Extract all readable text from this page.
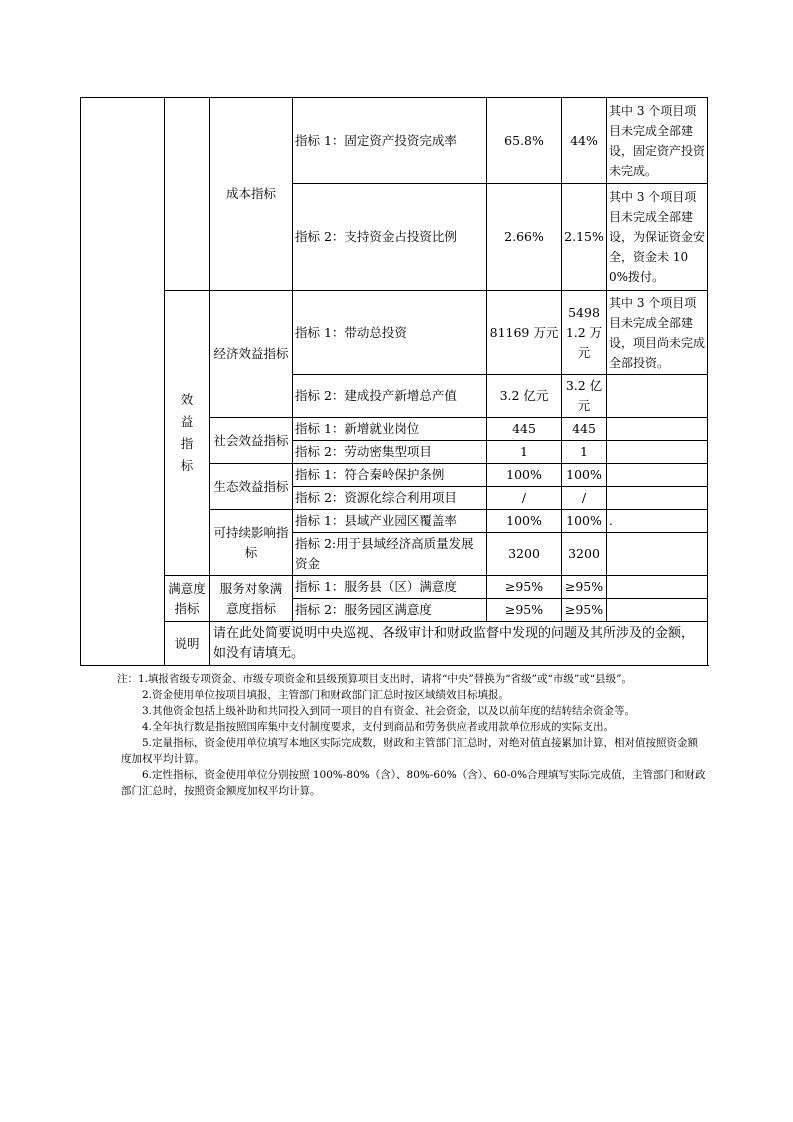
		成本指标	指标 1：固定资产投资完成率	65.8%	44%	其中 3 个项目项目未完成全部建设，固定资产投资未完成。
			指标 2：支持资金占投资比例	2.66%	2.15%	其中 3 个项目项目未完成全部建设，为保证资金安全，资金未 100%拨付。
	效益指标	经济效益指标	指标 1：带动总投资	81169 万元	54981.2 万元	其中 3 个项目项目未完成全部建设，项目尚未完成全部投资。
			指标 2：建成投产新增总产值	3.2 亿元	3.2 亿元	
		社会效益指标	指标 1：新增就业岗位	445	445	
			指标 2：劳动密集型项目	1	1	
		生态效益指标	指标 1：符合秦岭保护条例	100%	100%	
			指标 2：资源化综合利用项目	/	/	
		可持续影响指标	指标 1：县域产业园区覆盖率	100%	100%	.
			指标 2:用于县域经济高质量发展资金	3200	3200	
	满意度指标	服务对象满意度指标	指标 1：服务县（区）满意度	≥95%	≥95%	
			指标 2：服务园区满意度	≥95%	≥95%	
	说明	请在此处简要说明中央巡视、各级审计和财政监督中发现的问题及其所涉及的金额，如没有请填无。				

注：1.填报省级专项资金、市级专项资金和县级预算项目支出时，请将“中央”替换为“省级”或“市级”或“县级”。

2.资金使用单位按项目填报，主管部门和财政部门汇总时按区域绩效目标填报。

3.其他资金包括上级补助和共同投入到同一项目的自有资金、社会资金，以及以前年度的结转结余资金等。

4.全年执行数是指按照国库集中支付制度要求，支付到商品和劳务供应者或用款单位形成的实际支出。

5.定量指标，资金使用单位填写本地区实际完成数，财政和主管部门汇总时，对绝对值直接累加计算，相对值按照资金额度加权平均计算。

6.定性指标，资金使用单位分别按照 100%-80%（含）、80%-60%（含）、60-0%合理填写实际完成值，主管部门和财政部门汇总时，按照资金额度加权平均计算。
